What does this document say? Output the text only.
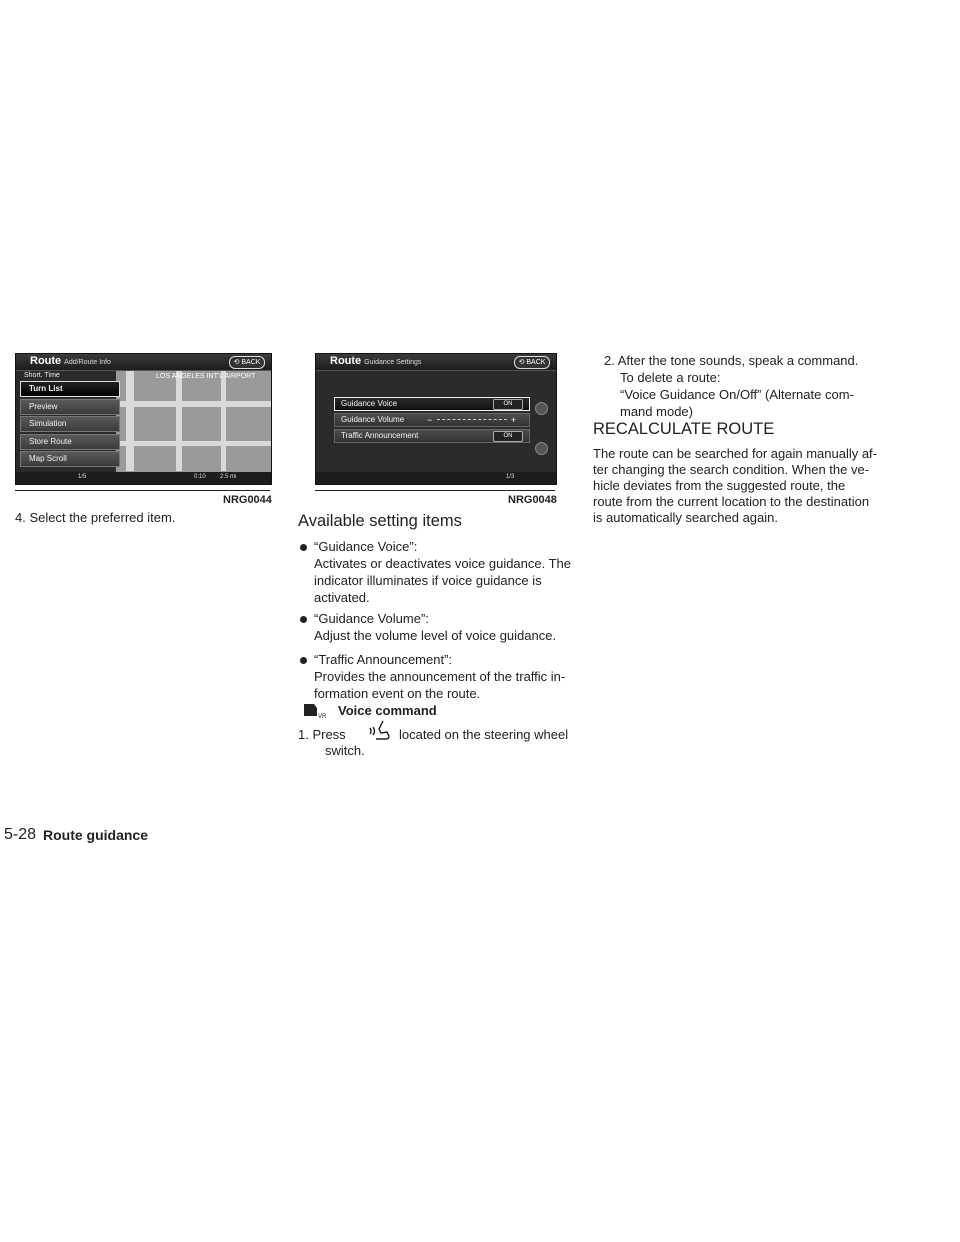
Route Add/Route Info	⟲ BACK
LOS ANGELES INT'L AIRPORT
Short. Time
Turn List
Preview
Simulation
Store Route
Map Scroll
1/5	0:10 2.5 mi
NRG0044
Route Guidance Settings	⟲ BACK
Guidance Voice	ON
Guidance Volume	−	+
Traffic Announcement	ON
1/3
NRG0048
4. Select the preferred item.	Available setting items
“Guidance Voice”:
Activates or deactivates voice guidance. The
indicator illuminates if voice guidance is
activated.
“Guidance Volume”:
Adjust the volume level of voice guidance.
“Traffic Announcement”:
Provides the announcement of the traffic in-
formation event on the route.
VR Voice command
1. Press	located on the steering wheel
switch.
2. After the tone sounds, speak a command.
To delete a route:
“Voice Guidance On/Off” (Alternate com-
mand mode)
RECALCULATE ROUTE
The route can be searched for again manually af-
ter changing the search condition. When the ve-
hicle deviates from the suggested route, the
route from the current location to the destination
is automatically searched again.
5-28 Route guidance
